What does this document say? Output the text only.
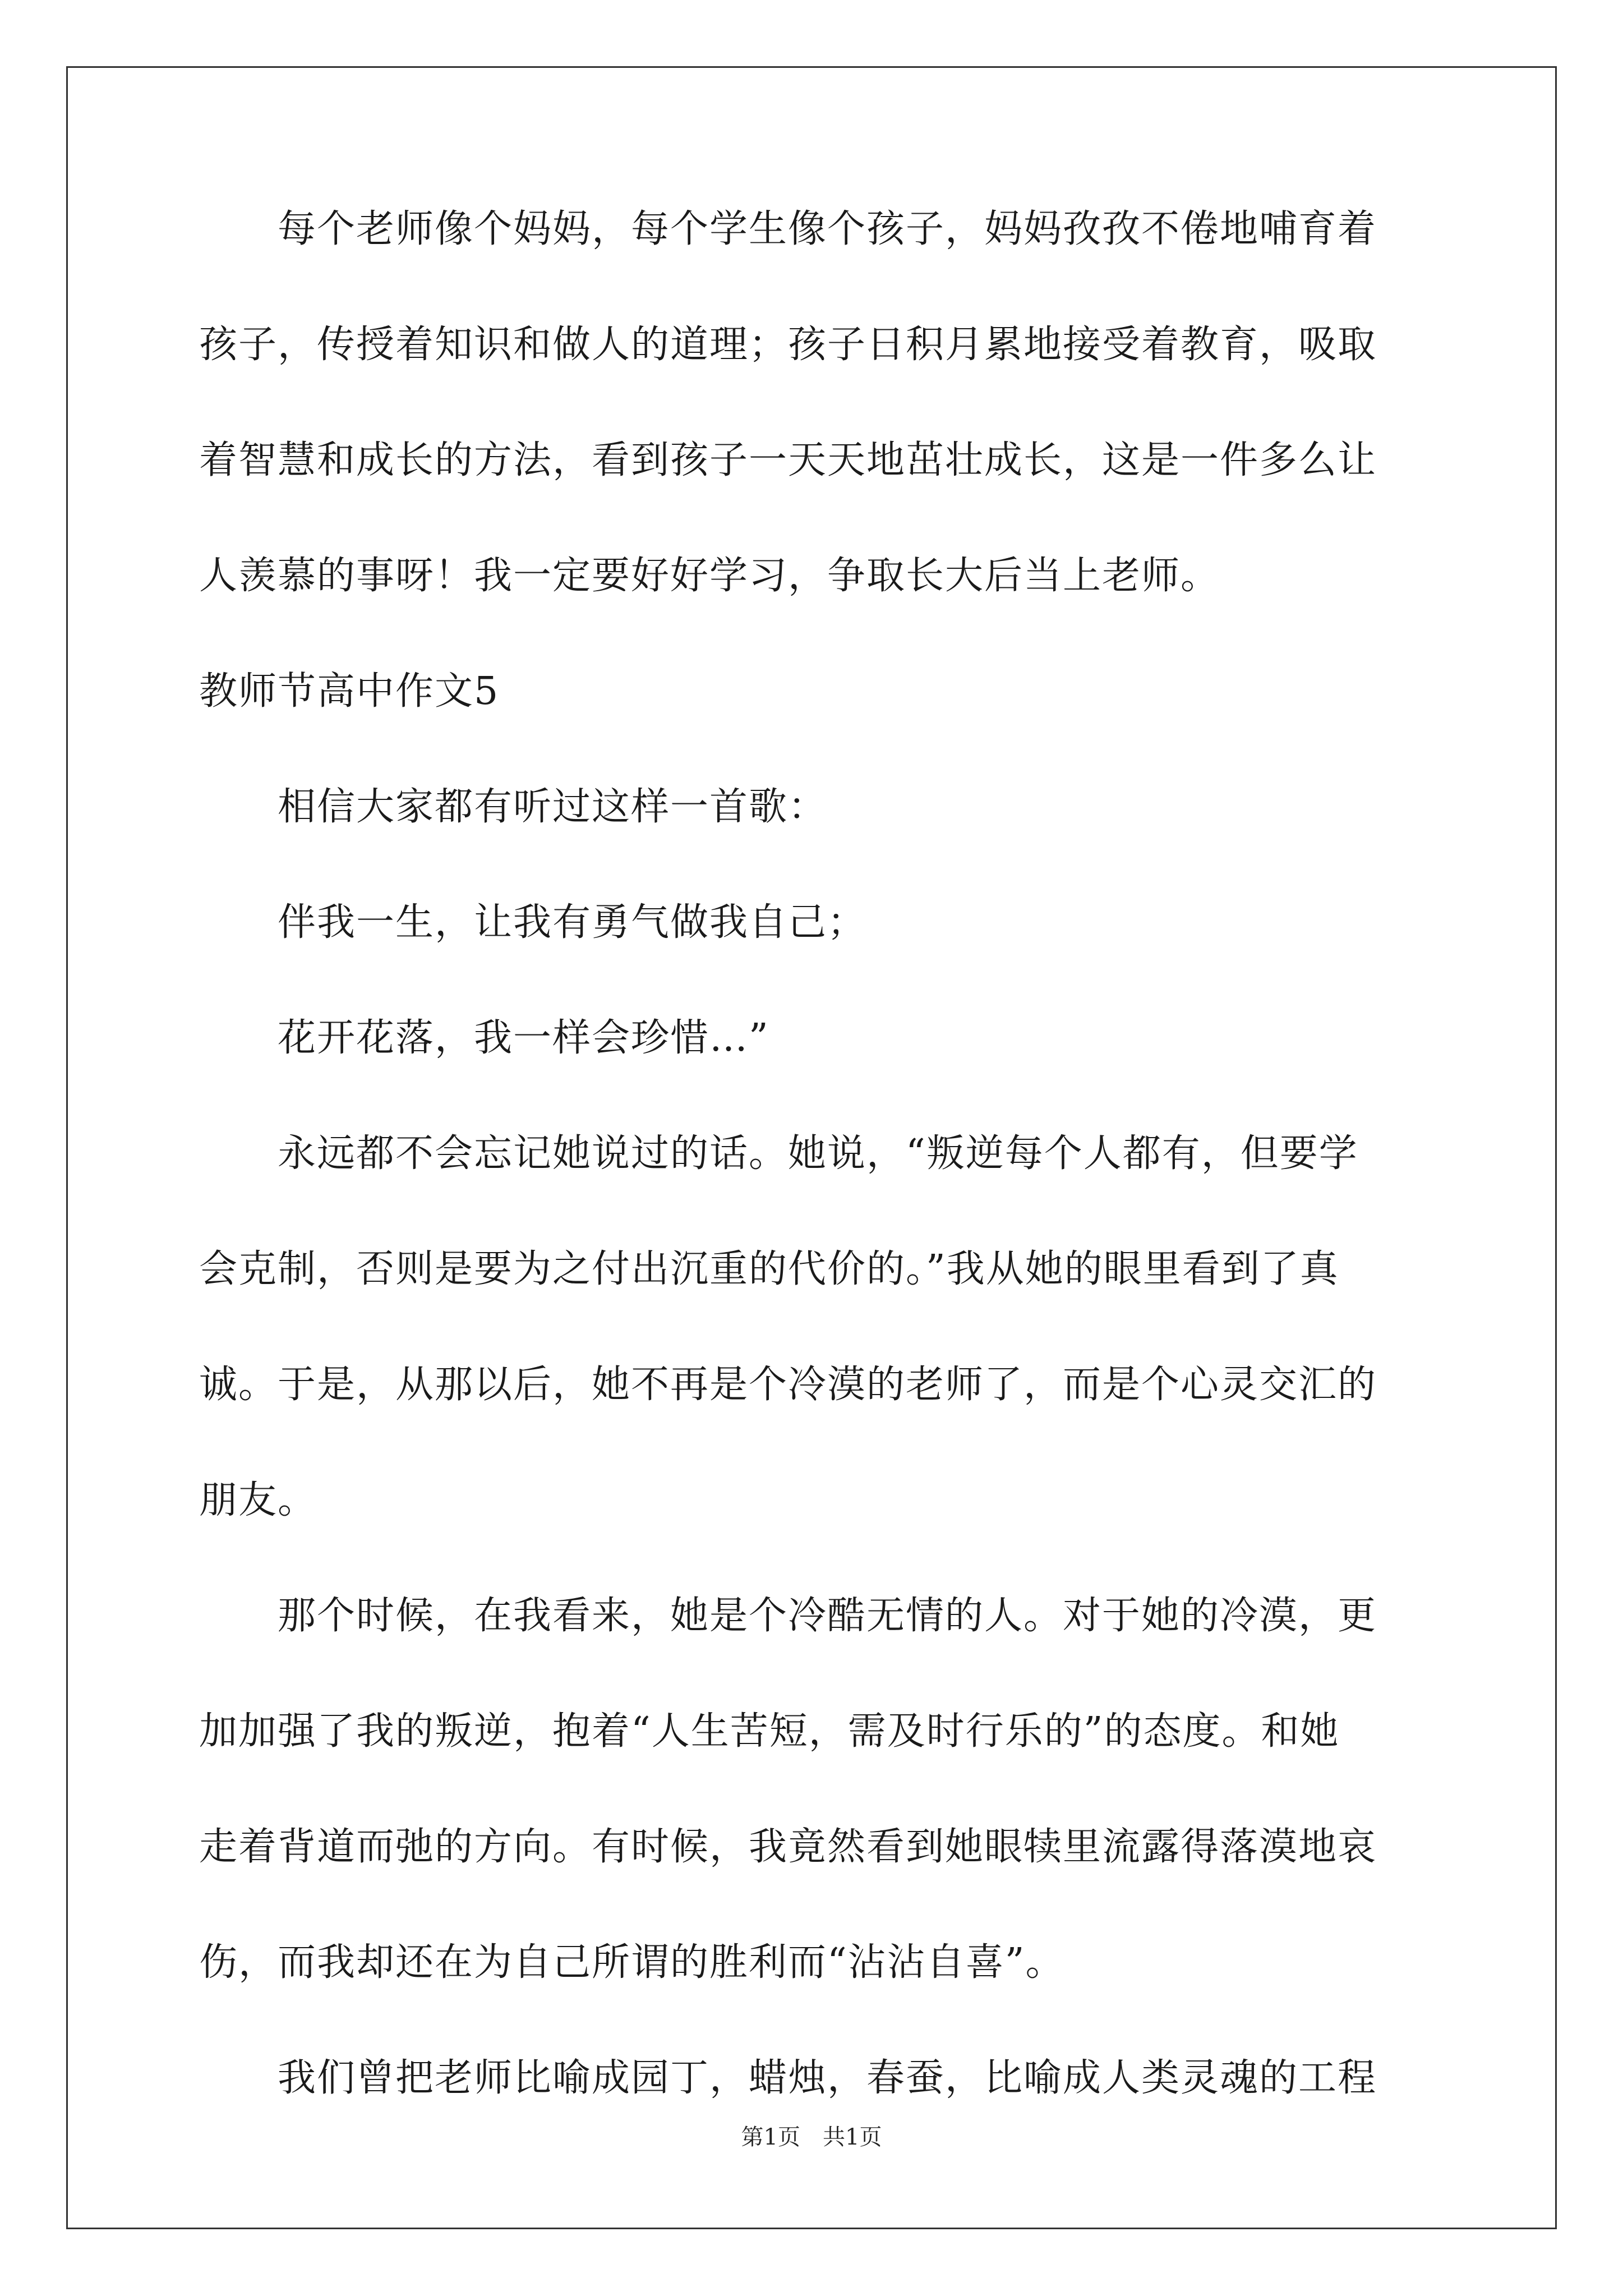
　　每个老师像个妈妈，每个学生像个孩子，妈妈孜孜不倦地哺育着
孩子，传授着知识和做人的道理；孩子日积月累地接受着教育，吸取
着智慧和成长的方法，看到孩子一天天地茁壮成长，这是一件多么让
人羡慕的事呀！我一定要好好学习，争取长大后当上老师。
教师节高中作文5
　　相信大家都有听过这样一首歌：
　　伴我一生，让我有勇气做我自己；
　　花开花落，我一样会珍惜…”
　　永远都不会忘记她说过的话。她说，“叛逆每个人都有，但要学
会克制，否则是要为之付出沉重的代价的。”我从她的眼里看到了真
诚。于是，从那以后，她不再是个冷漠的老师了，而是个心灵交汇的
朋友。
　　那个时候，在我看来，她是个冷酷无情的人。对于她的冷漠，更
加加强了我的叛逆，抱着“人生苦短，需及时行乐的”的态度。和她
走着背道而弛的方向。有时候，我竟然看到她眼犊里流露得落漠地哀
伤，而我却还在为自己所谓的胜利而“沾沾自喜”。
　　我们曾把老师比喻成园丁，蜡烛，春蚕，比喻成人类灵魂的工程
第1页　共1页
